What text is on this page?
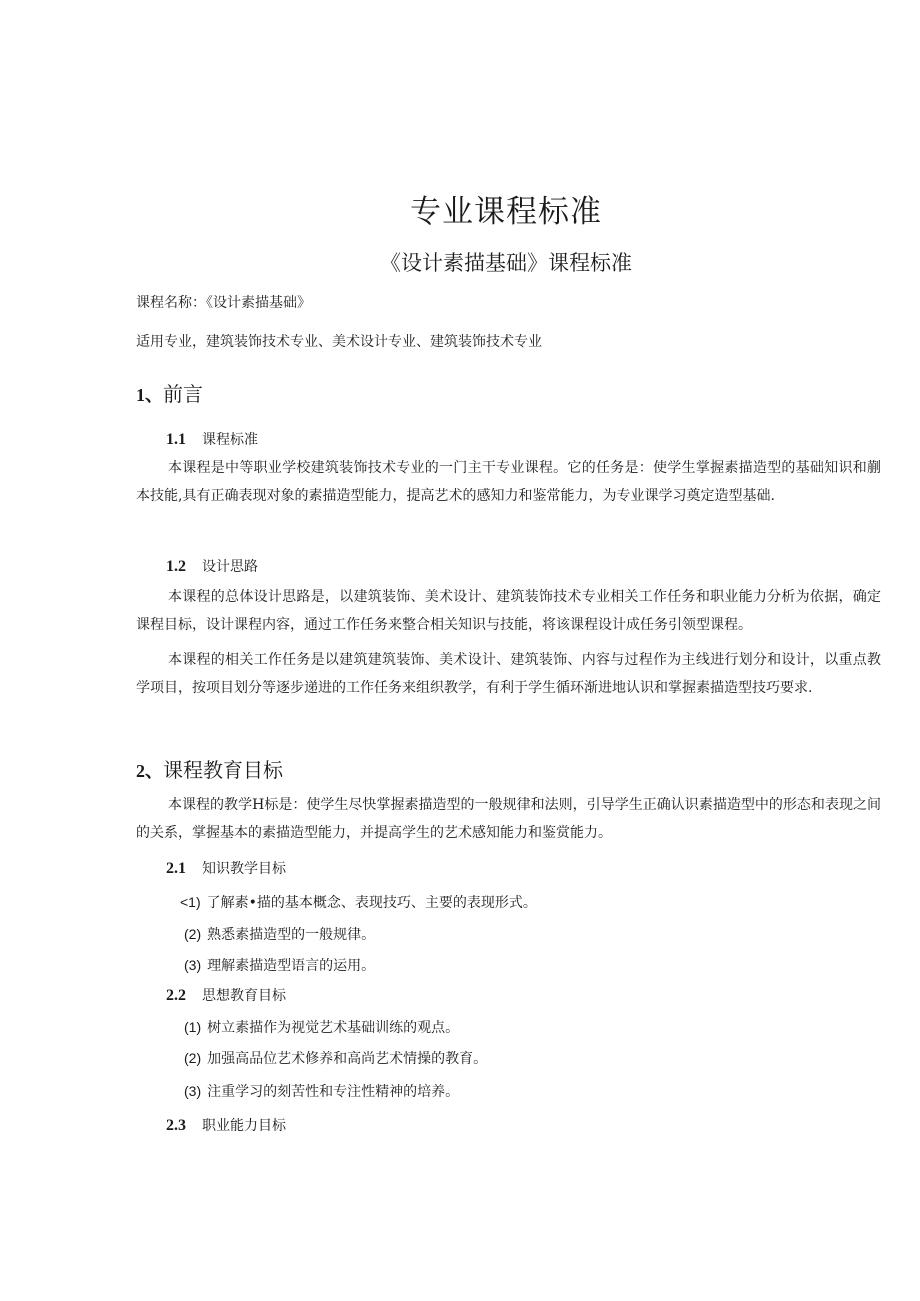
专业课程标准
《设计素描基础》课程标准
课程名称：《设计素描基础》
适用专业，建筑装饰技术专业、美术设计专业、建筑装饰技术专业
1、前言
1.1 课程标准

本课程是中等职业学校建筑装饰技术专业的一门主干专业课程。它的任务是：使学生掌握素描造型的基础知识和蒯本技能,具有正确表现对象的素描造型能力，提高艺术的感知力和鉴常能力，为专业课学习奠定造型基础.

1.2 设计思路

本课程的总体设计思路是，以建筑装饰、美术设计、建筑装饰技术专业相关工作任务和职业能力分析为依据，确定课程目标，设计课程内容，通过工作任务来整合相关知识与技能，将该课程设计成任务引领型课程。

本课程的相关工作任务是以建筑建筑装饰、美术设计、建筑装饰、内容与过程作为主线进行划分和设计，以重点教学项目，按项目划分等逐步递进的工作任务来组织教学，有利于学生循环渐进地认识和掌握素描造型技巧要求.

2、课程教育目标

本课程的教学H标是：使学生尽快掌握素描造型的一般规律和法则，引导学生正确认识素描造型中的形态和表现之间的关系，掌握基本的素描造型能力，并提高学生的艺术感知能力和鉴赏能力。

2.1 知识教学目标
<1) 了解素•描的基本概念、表现技巧、主要的表现形式。
(2) 熟悉素描造型的一般规律。
(3) 理解素描造型语言的运用。
2.2 思想教育目标
(1) 树立素描作为视觉艺术基础训练的观点。
(2) 加强高品位艺术修养和高尚艺术情操的教育。
(3) 注重学习的刻苦性和专注性精神的培养。
2.3 职业能力目标
